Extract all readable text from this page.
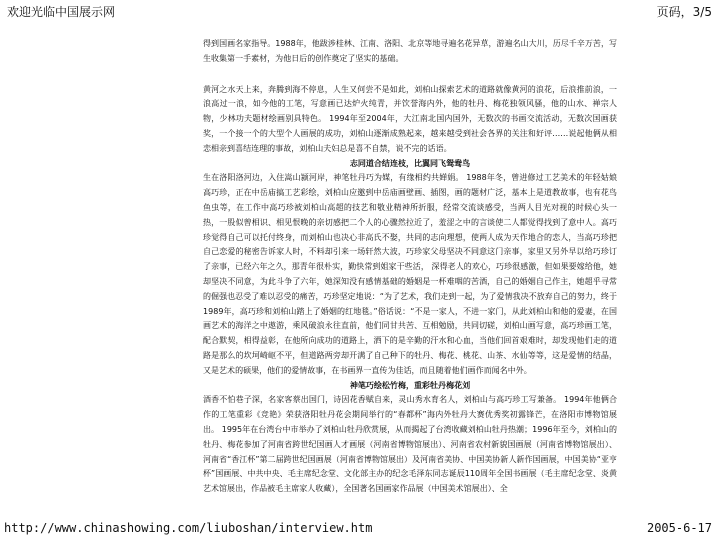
欢迎光临中国展示网	页码，3/5

得到国画名家指导。1988年，他跋涉桂林、江南、洛阳、北京等地寻遍名花异草，游遍名山大川，历尽千辛万苦，写生收集第一手素材，为他日后的创作奠定了坚实的基础。

黄河之水天上来，奔腾到海不停息，人生又何尝不是如此，刘柏山探索艺术的道路就像黄河的浪花，后浪推前浪，一浪高过一浪，如今他的工笔，写意画已达炉火纯青，并饮誉海内外，他的牡丹、梅花独领风骚，他的山水、禅宗人物，少林功夫题材绘画别具特色。 1994年至2004年，大江南北国内国外，无数次的书画交流活动，无数次国画获奖，一个接一个的大型个人画展的成功，刘柏山逐渐成熟起来，越来越受到社会各界的关注和好评……说起他俩从相恋相亲到喜结连理的事故，刘柏山夫妇总是喜不自禁，说不完的话语。

志同道合结连枝，比翼同飞鸳鸯鸟

生在洛阳洛河边，入住嵩山颍河岸，神笔牡丹巧为媒，有缘相约共婵娟。 1988年冬，曾进修过工艺美术的年轻姑娘高巧珍，正在中岳庙搞工艺彩绘，刘柏山应邀到中岳庙画壁画、插图，画的题材广泛，基本上是道教故事，也有花鸟鱼虫等，在工作中高巧珍被刘柏山高超的技艺和敬业精神所折服，经常交流谈感受，当两人目光对视的时候心头一热，一股似曾相识、相见恨晚的亲切感把二个人的心骤然拉近了，羞涩之中的言谈使二人都觉得找到了意中人。高巧珍觉得自己可以托付终身，而刘柏山也决心非高氏不娶，共同的志向理想，使两人成为天作地合的恋人，当高巧珍把自己恋爱的秘密告诉家人时，不料却引来一场轩然大波，巧珍家父母坚决不同意这门亲事，家里又另外早以给巧珍订了亲事，已经六年之久，那青年很朴实，勤快常到姐家干些活， 深得老人的欢心，巧珍很感激，但如果要嫁给他，她却坚决不同意，为此斗争了六年，她深知没有感情基础的婚姻是一杯难咽的苦酒，自己的婚姻自己作主，她超乎寻常的倔强也忍受了难以忍受的痛苦，巧珍坚定地说：“为了艺术，我们走到一起，为了爱情我决不放弃自己的努力，终于1989年，高巧珍和刘柏山踏上了婚姻的红地毯。”俗话说：“不是一家人，不进一家门，从此刘柏山和他的爱妻，在国画艺术的海洋之中遨游，乘风破浪永往直前，他们同甘共苦、互相勉励，共同切磋，刘柏山画写意，高巧珍画工笔，配合默契，相得益彰，在他所向成功的道路上，洒下的是辛勤的汗水和心血，当他们回首艰难时，却发现他们走的道路是那么的坎坷崎岖不平，但道路两旁却开满了自己种下的牡丹、梅花、桃花、山茶、水仙等等，这是爱情的结晶，又是艺术的硕果，他们的爱情故事，在书画界一直传为佳话，而且随着他们画作而闻名中外。

神笔巧绘松竹梅，重彩牡丹梅花刘

酒香不怕巷子深，名家客蔡出国门，诗因花香赋自来，灵山秀水育名人，刘柏山与高巧珍工写兼备。 1994年他俩合作的工笔重彩《竞艳》荣获洛阳牡丹花会期间举行的“春都杯”海内外牡丹大赛优秀奖初露锋芒，在洛阳市博物馆展出。 1995年在台湾台中市举办了刘柏山牡丹欣赏展，从而揭起了台湾收藏刘柏山牡丹热潮；1996年至今，刘柏山的牡丹、梅花参加了河南省跨世纪国画人才画展（河南省博物馆展出）、河南省农村新貌国画展（河南省博物馆展出）、河南省“香江杯”第二届跨世纪国画展（河南省博物馆展出）及河南省美协、中国美协新人新作国画展，中国美协“亚亨杯”国画展、中共中央、毛主席纪念堂、文化部主办的纪念毛泽东同志诞辰110周年全国书画展（毛主席纪念堂、炎黄艺术馆展出，作品被毛主席家人收藏），全国著名国画家作品展（中国美术馆展出）、全

http://www.chinashowing.com/liuboshan/interview.htm	2005-6-17
